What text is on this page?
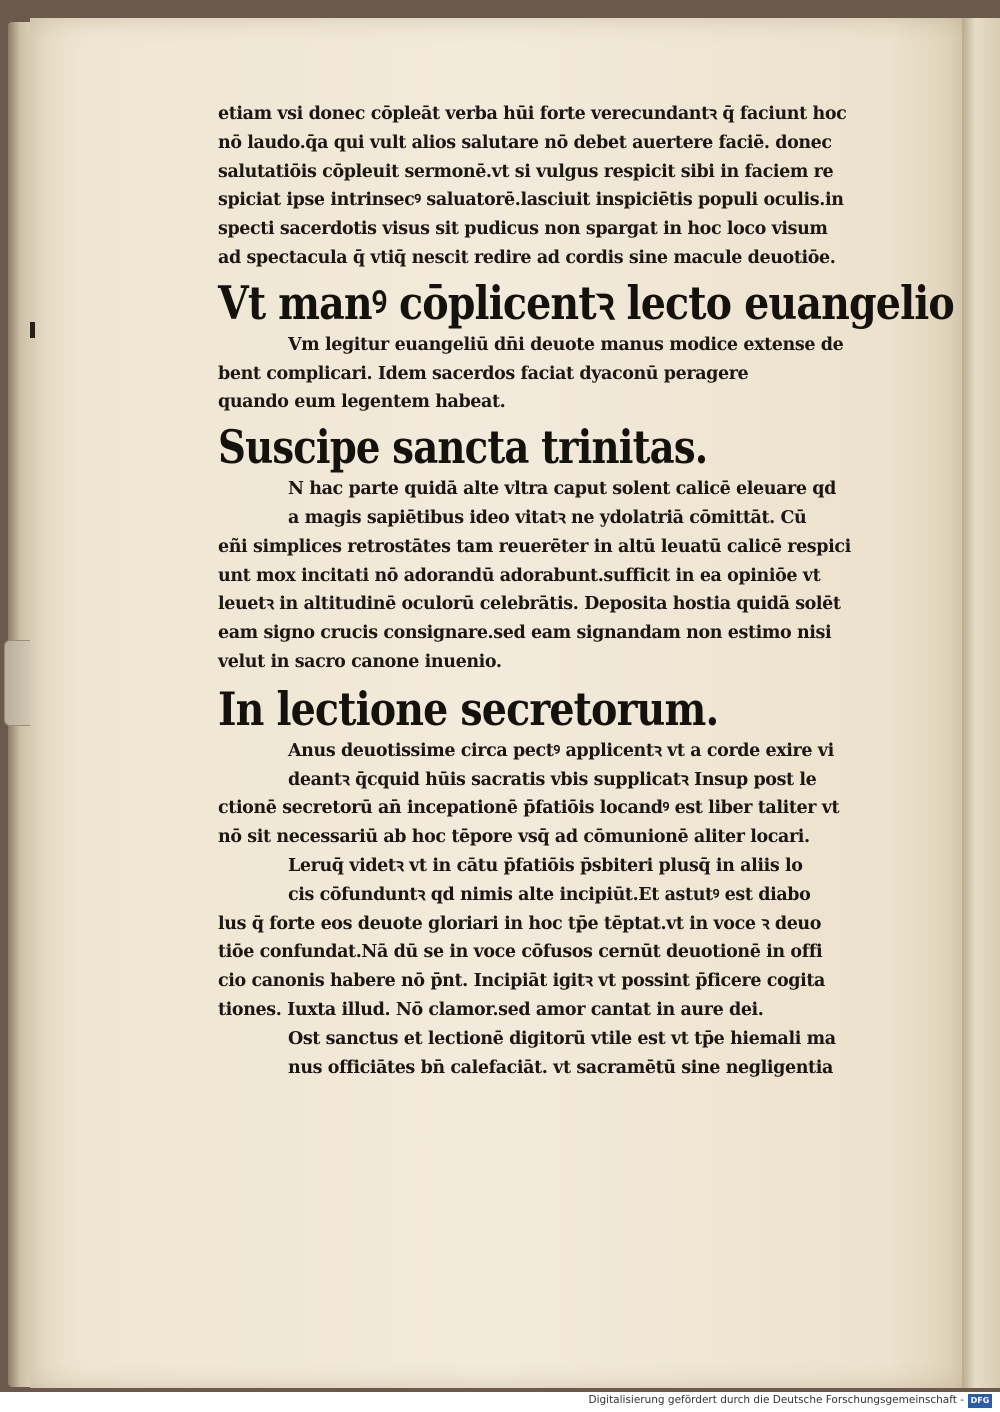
etiam vsi donec cōpleāt verba hūi forte verecundantꝛ q̄ faciunt hoc
nō laudo.q̄a qui vult alios salutare nō debet auertere faciē. donec
salutatiōis cōpleuit sermonē.vt si vulgus respicit sibi in faciem re
spiciat ipse intrinsecꝰ saluatorē.lasciuit inspiciētis populi oculis.in
specti sacerdotis visus sit pudicus non spargat in hoc loco visum
ad spectacula q̄ vtiq̄ nescit redire ad cordis sine macule deuotiōe.
Vt manꝰ cōplicentꝛ lecto euangelio
Vm legitur euangeliū dn̄i deuote manus modice extense de
bent complicari. Idem sacerdos faciat dyaconū peragere
quando eum legentem habeat.
Suscipe sancta trinitas.
N hac parte quidā alte vltra caput solent calicē eleuare qd
a magis sapiētibus ideo vitatꝛ ne ydolatriā cōmittāt. Cū
eñi simplices retrostātes tam reuerēter in altū leuatū calicē respici
unt mox incitati nō adorandū adorabunt.sufficit in ea opiniōe vt
leuetꝛ in altitudinē oculorū celebrātis. Deposita hostia quidā solēt
eam signo crucis consignare.sed eam signandam non estimo nisi
velut in sacro canone inuenio.
In lectione secretorum.
Anus deuotissime circa pectꝰ applicentꝛ vt a corde exire vi
deantꝛ q̄cquid hūis sacratis vbis supplicatꝛ Insup post le
ctionē secretorū an̄ incepationē p̄fatiōis locandꝰ est liber taliter vt
nō sit necessariū ab hoc tēpore vsq̄ ad cōmunionē aliter locari.
Leruq̄ videtꝛ vt in cātu p̄fatiōis p̄sbiteri plusq̄ in aliis lo
cis cōfunduntꝛ qd nimis alte incipiūt.Et astutꝰ est diabo
lus q̄ forte eos deuote gloriari in hoc tp̄e tēptat.vt in voce ꝛ deuo
tiōe confundat.Nā dū se in voce cōfusos cernūt deuotionē in offi
cio canonis habere nō p̄nt. Incipiāt igitꝛ vt possint p̄ficere cogita
tiones. Iuxta illud. Nō clamor.sed amor cantat in aure dei.
Ost sanctus et lectionē digitorū vtile est vt tp̄e hiemali ma
nus officiātes bn̄ calefaciāt. vt sacramētū sine negligentia
Digitalisierung gefördert durch die Deutsche Forschungsgemeinschaft - DFG
